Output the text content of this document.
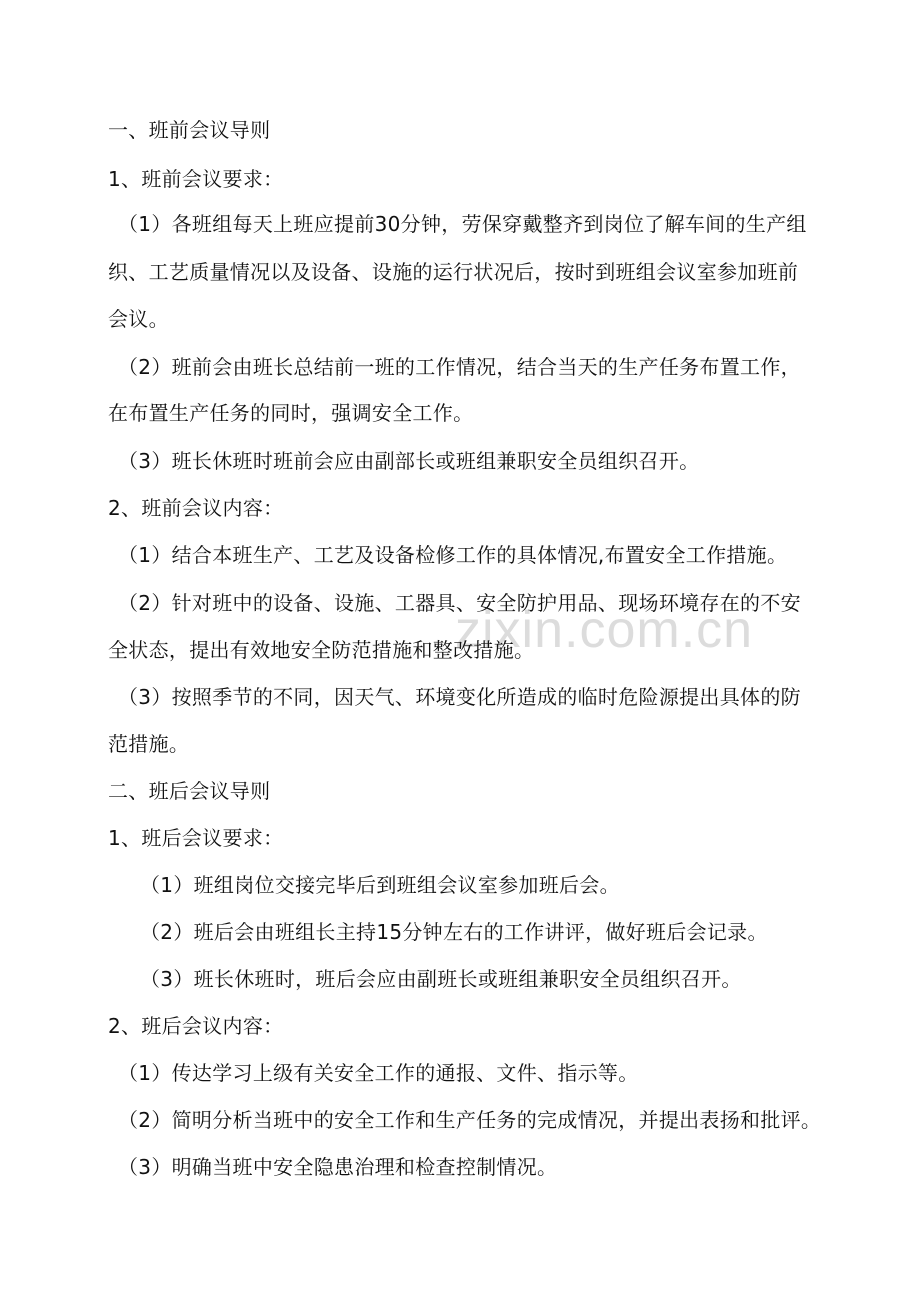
zixin.com.cn
一、班前会议导则
1、班前会议要求：
（1）各班组每天上班应提前30分钟，劳保穿戴整齐到岗位了解车间的生产组
织、工艺质量情况以及设备、设施的运行状况后，按时到班组会议室参加班前
会议。
（2）班前会由班长总结前一班的工作情况，结合当天的生产任务布置工作，
在布置生产任务的同时，强调安全工作。
（3）班长休班时班前会应由副部长或班组兼职安全员组织召开。
2、班前会议内容：
（1）结合本班生产、工艺及设备检修工作的具体情况,布置安全工作措施。
（2）针对班中的设备、设施、工器具、安全防护用品、现场环境存在的不安
全状态，提出有效地安全防范措施和整改措施。
（3）按照季节的不同，因天气、环境变化所造成的临时危险源提出具体的防
范措施。
二、班后会议导则
1、班后会议要求：
（1）班组岗位交接完毕后到班组会议室参加班后会。
（2）班后会由班组长主持15分钟左右的工作讲评，做好班后会记录。
（3）班长休班时，班后会应由副班长或班组兼职安全员组织召开。
2、班后会议内容：
（1）传达学习上级有关安全工作的通报、文件、指示等。
（2）简明分析当班中的安全工作和生产任务的完成情况，并提出表扬和批评。
（3）明确当班中安全隐患治理和检查控制情况。
